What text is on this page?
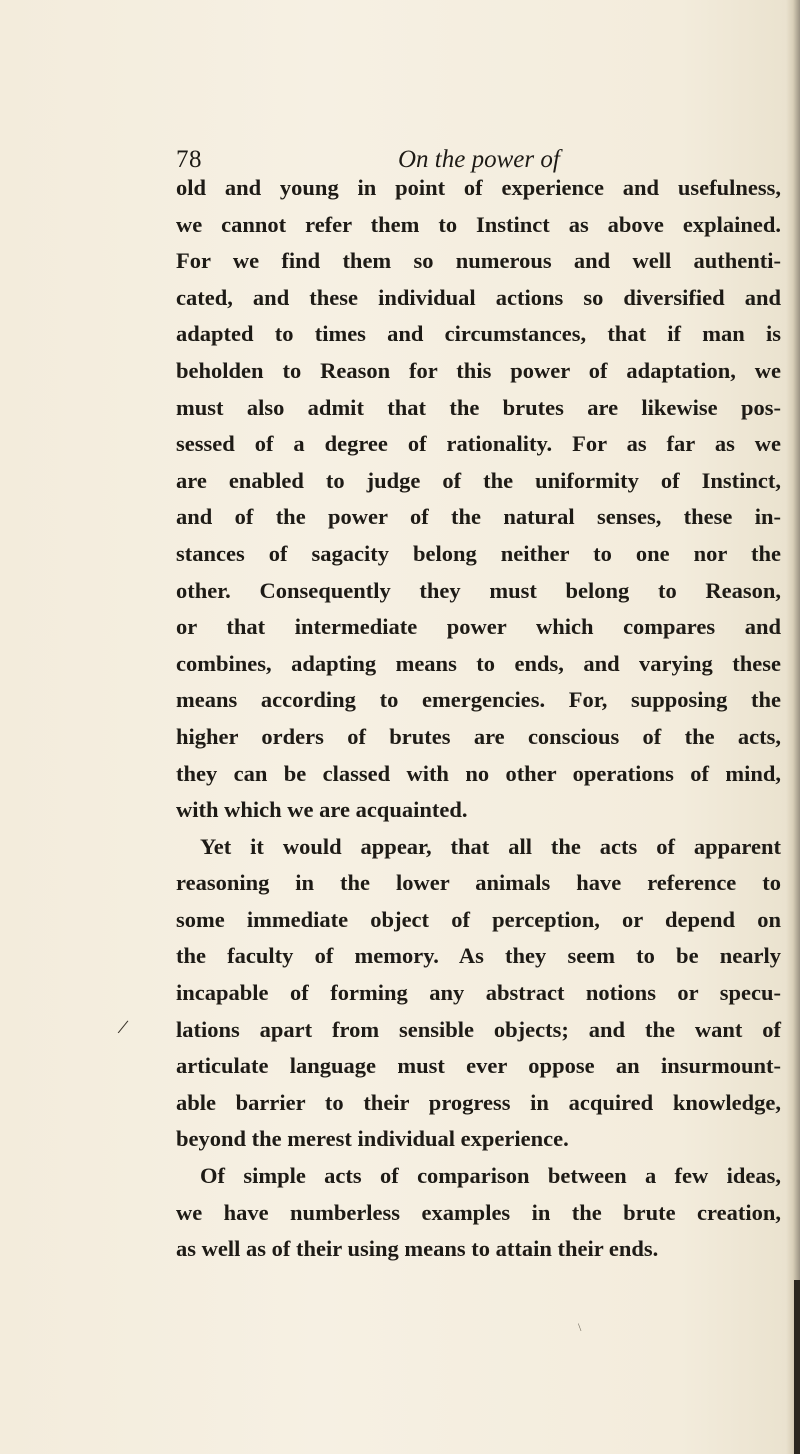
78	On the power of
old and young in point of experience and usefulness,
we cannot refer them to Instinct as above explained.
For we find them so numerous and well authenti-
cated, and these individual actions so diversified and
adapted to times and circumstances, that if man is
beholden to Reason for this power of adaptation, we
must also admit that the brutes are likewise pos-
sessed of a degree of rationality. For as far as we
are enabled to judge of the uniformity of Instinct,
and of the power of the natural senses, these in-
stances of sagacity belong neither to one nor the
other. Consequently they must belong to Reason,
or that intermediate power which compares and
combines, adapting means to ends, and varying these
means according to emergencies. For, supposing the
higher orders of brutes are conscious of the acts,
they can be classed with no other operations of mind,
with which we are acquainted.
Yet it would appear, that all the acts of apparent
reasoning in the lower animals have reference to
some immediate object of perception, or depend on
the faculty of memory. As they seem to be nearly
incapable of forming any abstract notions or specu-
lations apart from sensible objects; and the want of
articulate language must ever oppose an insurmount-
able barrier to their progress in acquired knowledge,
beyond the merest individual experience.
Of simple acts of comparison between a few ideas,
we have numberless examples in the brute creation,
as well as of their using means to attain their ends.
/
\
